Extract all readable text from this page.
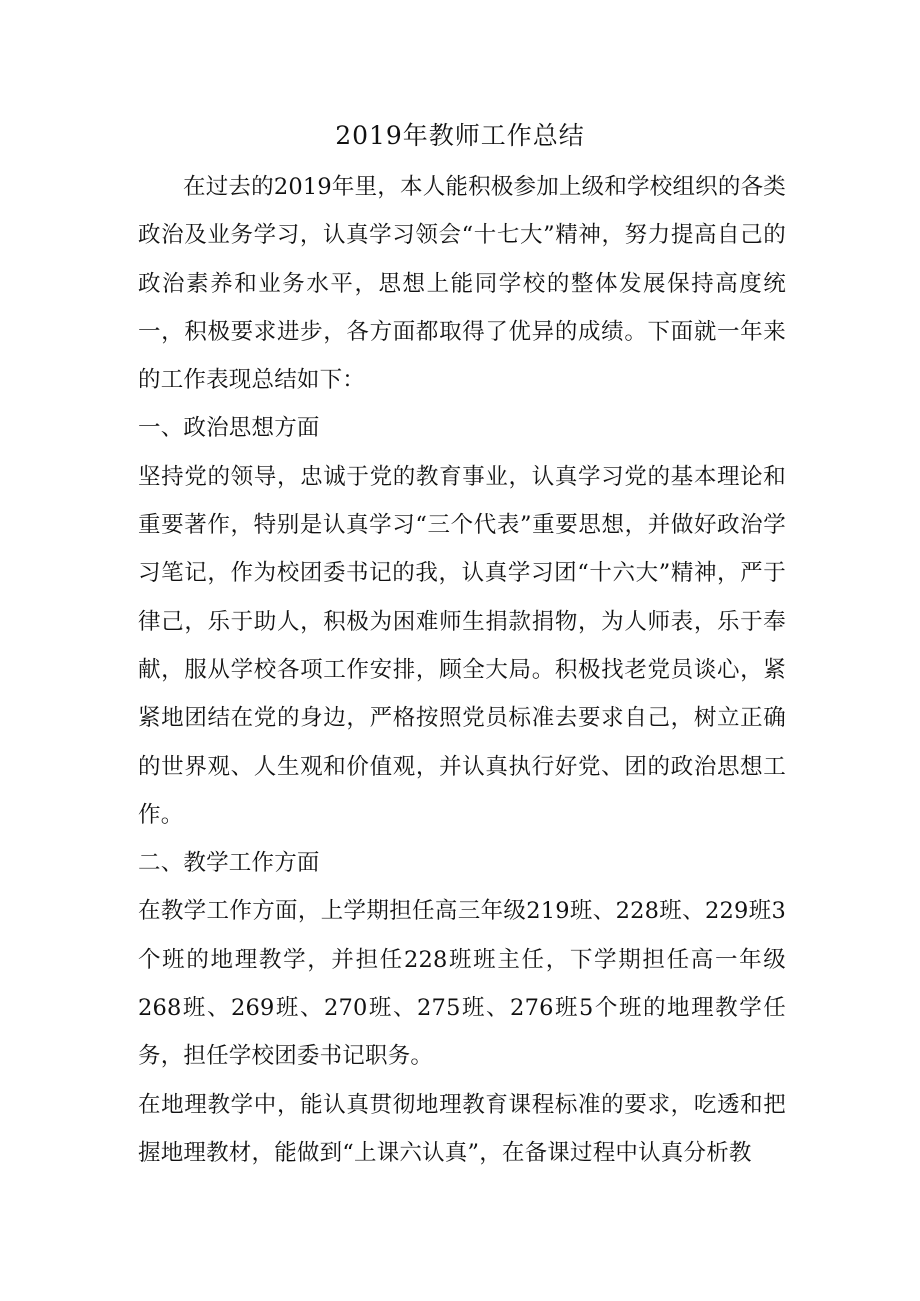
2019年教师工作总结

在过去的2019年里，本人能积极参加上级和学校组织的各类政治及业务学习，认真学习领会“十七大”精神，努力提高自己的政治素养和业务水平，思想上能同学校的整体发展保持高度统一，积极要求进步，各方面都取得了优异的成绩。下面就一年来的工作表现总结如下：

一、政治思想方面

坚持党的领导，忠诚于党的教育事业，认真学习党的基本理论和重要著作，特别是认真学习“三个代表”重要思想，并做好政治学习笔记，作为校团委书记的我，认真学习团“十六大”精神，严于律己，乐于助人，积极为困难师生捐款捐物，为人师表，乐于奉献，服从学校各项工作安排，顾全大局。积极找老党员谈心，紧紧地团结在党的身边，严格按照党员标准去要求自己，树立正确的世界观、人生观和价值观，并认真执行好党、团的政治思想工作。

二、教学工作方面

在教学工作方面，上学期担任高三年级219班、228班、229班3个班的地理教学，并担任228班班主任，下学期担任高一年级268班、269班、270班、275班、276班5个班的地理教学任务，担任学校团委书记职务。

在地理教学中，能认真贯彻地理教育课程标准的要求，吃透和把握地理教材，能做到“上课六认真”，在备课过程中认真分析教
